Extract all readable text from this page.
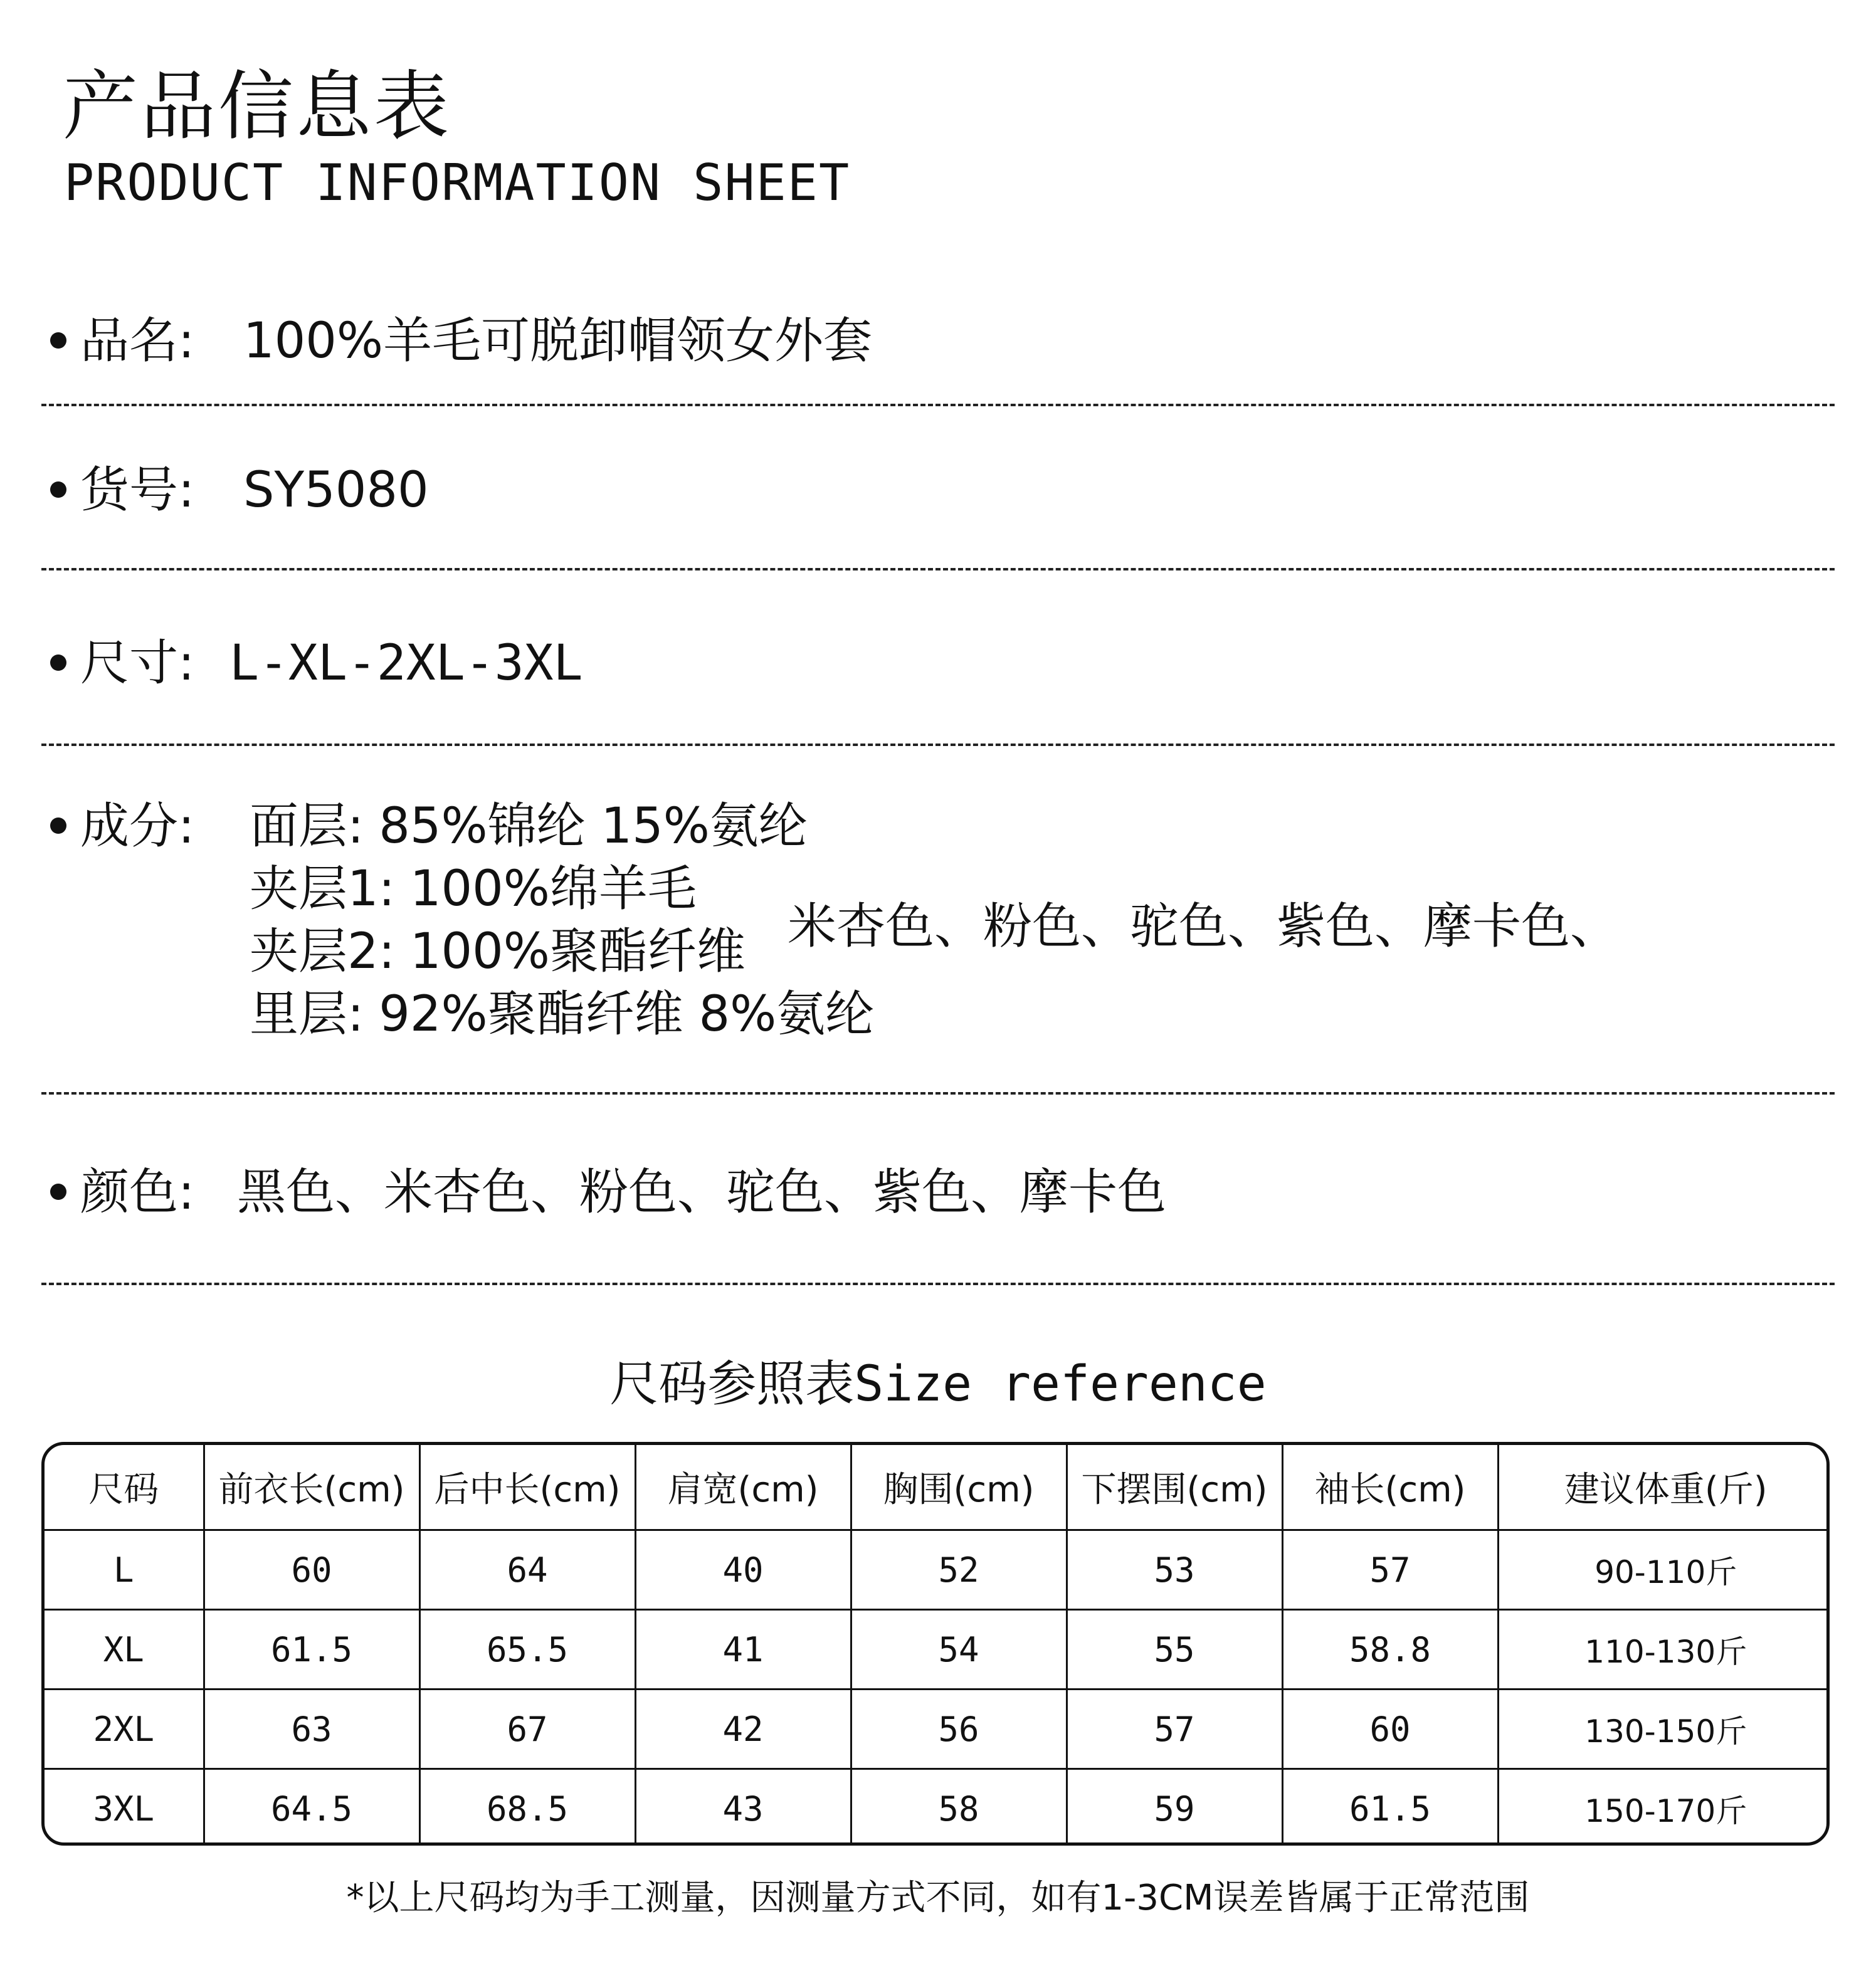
产品信息表
PRODUCT INFORMATION SHEET
品名: 100%羊毛可脱卸帽领女外套
货号: SY5080
尺寸: L-XL-2XL-3XL
成分:	面层: 85%锦纶 15%氨纶
夹层1: 100%绵羊毛
夹层2: 100%聚酯纤维
里层: 92%聚酯纤维 8%氨纶
米杏色、粉色、驼色、紫色、摩卡色、
颜色: 黑色、米杏色、粉色、驼色、紫色、摩卡色
尺码参照表Size reference
尺码	前衣长(cm)	后中长(cm)	肩宽(cm)	胸围(cm)	下摆围(cm)	袖长(cm)	建议体重(斤)
L	60	64	40	52	53	57	90-110斤
XL	61.5	65.5	41	54	55	58.8	110-130斤
2XL	63	67	42	56	57	60	130-150斤
3XL	64.5	68.5	43	58	59	61.5	150-170斤
*以上尺码均为手工测量，因测量方式不同，如有1-3CM误差皆属于正常范围
